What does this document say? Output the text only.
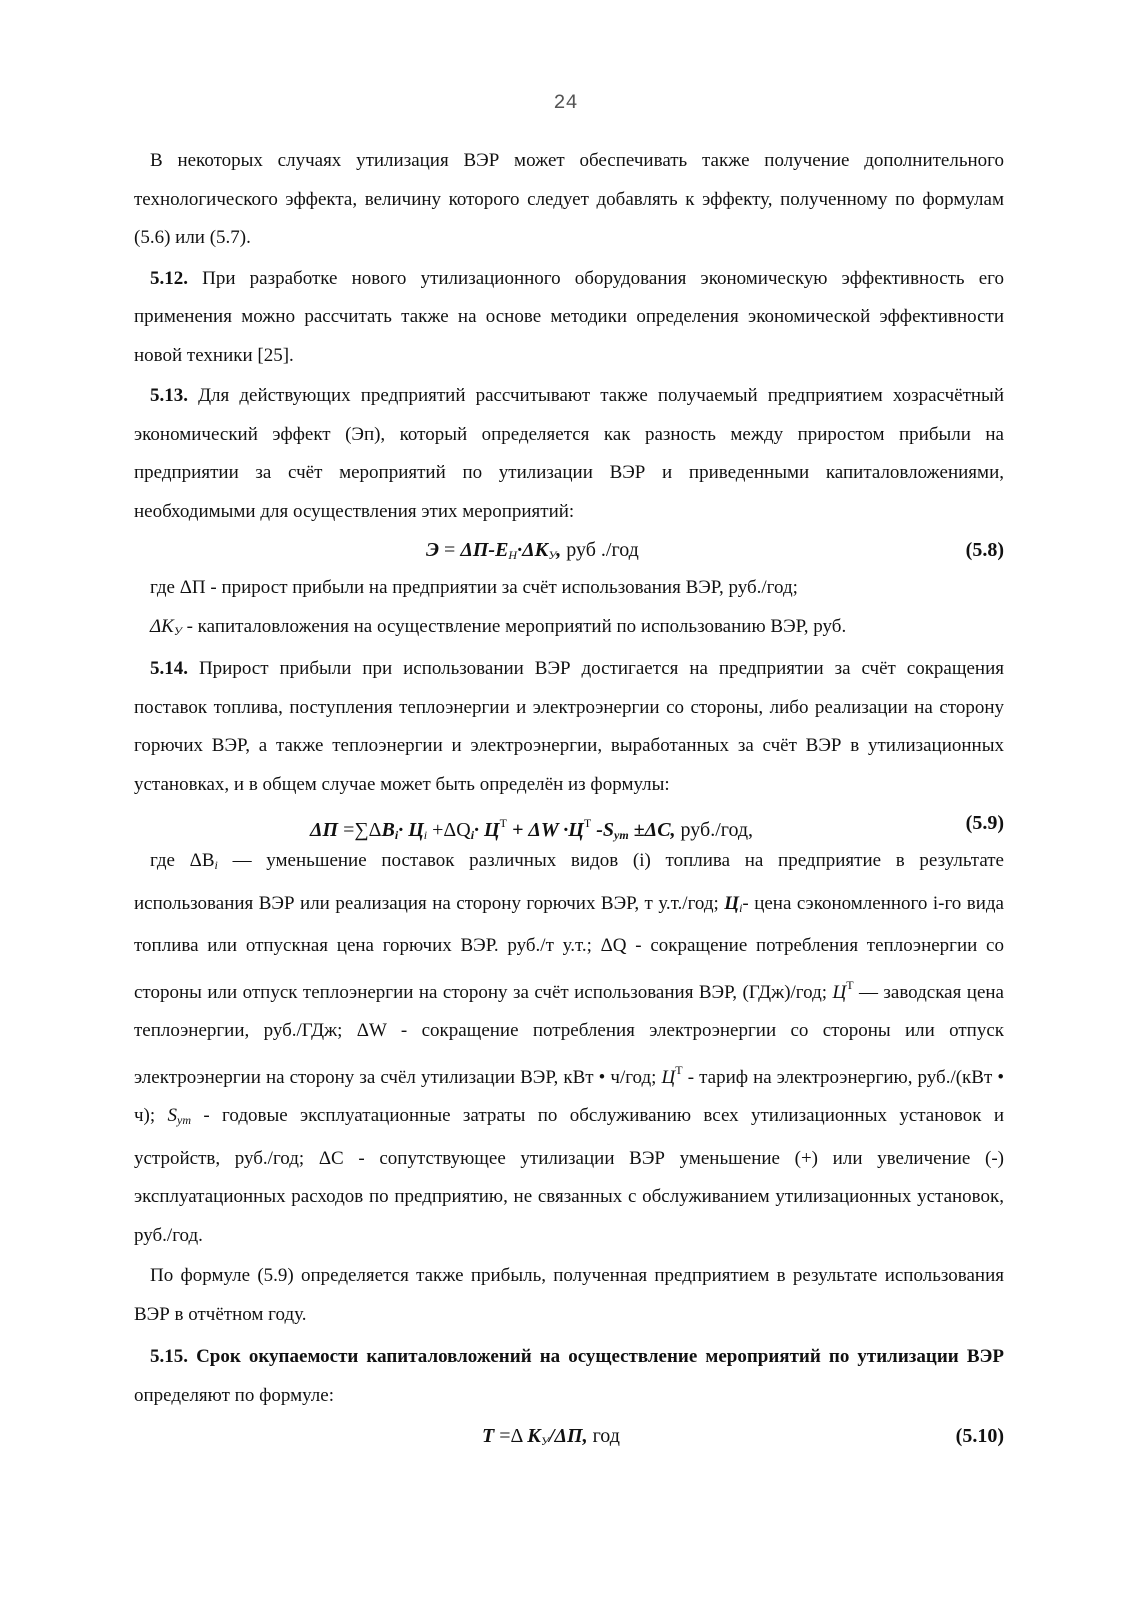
24

В некоторых случаях утилизация ВЭР может обеспечивать также получение дополнительного технологического эффекта, величину которого следует добавлять к эффекту, полученному по формулам (5.6) или (5.7).

5.12. При разработке нового утилизационного оборудования экономическую эффективность его применения можно рассчитать также на основе методики определения экономической эффективности новой техники [25].

5.13. Для действующих предприятий рассчитывают также получаемый предприятием хозрасчётный экономический эффект (Эп), который определяется как разность между приростом прибыли на предприятии за счёт мероприятий по утилизации ВЭР и приведенными капиталовложениями, необходимыми для осуществления этих мероприятий:

$Э = \Delta П-Е_Н\cdot\Delta К_У$, руб ./год	(5.8)

где ΔП - прирост прибыли на предприятии за счёт использования ВЭР, руб./год;

$\Delta К_У$ - капиталовложения на осуществление мероприятий по использованию ВЭР, руб.

5.14. Прирост прибыли при использовании ВЭР достигается на предприятии за счёт сокращения поставок топлива, поступления теплоэнергии и электроэнергии со стороны, либо реализации на сторону горючих ВЭР, а также теплоэнергии и электроэнергии, выработанных за счёт ВЭР в утилизационных установках, и в общем случае может быть определён из формулы:

$\Delta П =\sum\Delta В_i\cdot Ц_i +\Delta Q_i\cdot Ц^Т + \Delta W \cdot Ц^Т$ $-S_{ут} \pm\Delta С$, руб./год,	(5.9)

где $\Delta В_i$ — уменьшение поставок различных видов (i) топлива на предприятие в результате использования ВЭР или реализация на сторону горючих ВЭР, т у.т./год; $Ц_i-$ цена сэкономленного i-го вида топлива или отпускная цена горючих ВЭР. руб./т у.т.; ΔQ - сокращение потребления теплоэнергии со стороны или отпуск теплоэнергии на сторону за счёт использования ВЭР, (ГДж)/год; $Ц^Т$ — заводская цена теплоэнергии, руб./ГДж; ΔW - сокращение потребления электроэнергии со стороны или отпуск электроэнергии на сторону за счёл утилизации ВЭР, кВт • ч/год; $Ц^Т$ - тариф на электроэнергию, руб./(кВт • ч); $S_{ут}$ - годовые эксплуатационные затраты по обслуживанию всех утилизационных установок и устройств, руб./год; ΔС - сопутствующее утилизации ВЭР уменьшение (+) или увеличение (-) эксплуатационных расходов по предприятию, не связанных с обслуживанием утилизационных установок, руб./год.

По формуле (5.9) определяется также прибыль, полученная предприятием в результате использования ВЭР в отчётном году.

5.15. Срок окупаемости капиталовложений на осуществление мероприятий по утилизации ВЭР определяют по формуле:

Т =Δ $К_У/\Delta П$, год	(5.10)
